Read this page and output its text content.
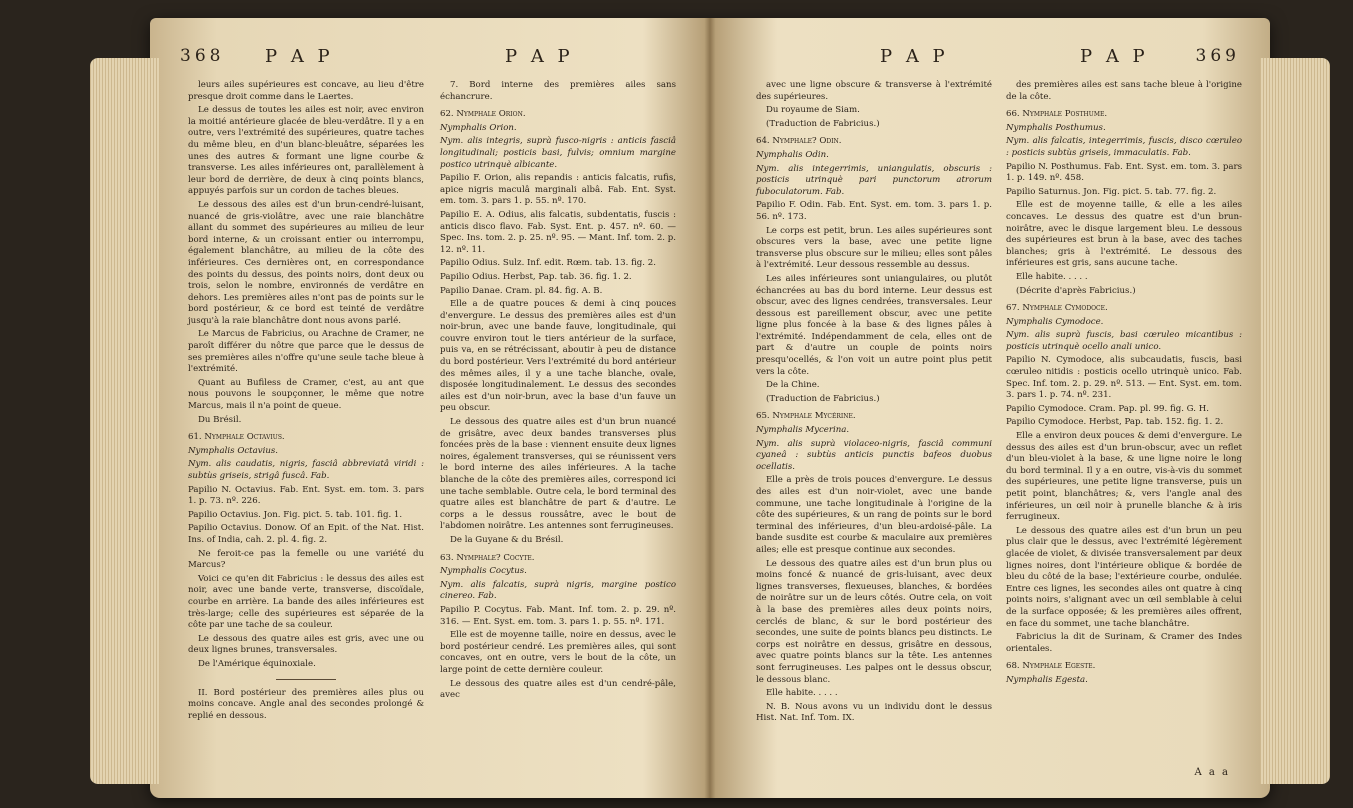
368 P A P	P A P

leurs ailes supérieures est concave, au lieu d'être presque droit comme dans le Laertes.

Le dessus de toutes les ailes est noir, avec environ la moitié antérieure glacée de bleu-verdâtre. Il y a en outre, vers l'extrémité des supérieures, quatre taches du même bleu, en d'un blanc-bleuâtre, séparées les unes des autres & formant une ligne courbe & transverse. Les ailes inférieures ont, parallèlement à leur bord de derrière, de deux à cinq points blancs, appuyés parfois sur un cordon de taches bleues.

Le dessous des ailes est d'un brun-cendré-luisant, nuancé de gris-violâtre, avec une raie blanchâtre allant du sommet des supérieures au milieu de leur bord interne, & un croissant entier ou interrompu, également blanchâtre, au milieu de la côte des inférieures. Ces dernières ont, en correspondance des points du dessus, des points noirs, dont deux ou trois, selon le nombre, environnés de verdâtre en dehors. Les premières ailes n'ont pas de points sur le bord postérieur, & ce bord est teinté de verdâtre jusqu'à la raie blanchâtre dont nous avons parlé.

Le Marcus de Fabricius, ou Arachne de Cramer, ne paroît différer du nôtre que parce que le dessus de ses premières ailes n'offre qu'une seule tache bleue à l'extrémité.

Quant au Bufiless de Cramer, c'est, au ant que nous pouvons le soupçonner, le même que notre Marcus, mais il n'a point de queue.

Du Brésil.

61. Nymphale Octavius.

Nymphalis Octavius.

Nym. alis caudatis, nigris, fasciâ abbreviatâ viridi : subtùs griseis, strigâ fuscâ. Fab.

Papilio N. Octavius. Fab. Ent. Syst. em. tom. 3. pars 1. p. 73. nº. 226.

Papilio Octavius. Jon. Fig. pict. 5. tab. 101. fig. 1.

Papilio Octavius. Donow. Of an Epit. of the Nat. Hist. Ins. of India, cah. 2. pl. 4. fig. 2.

Ne feroit-ce pas la femelle ou une variété du Marcus?

Voici ce qu'en dit Fabricius : le dessus des ailes est noir, avec une bande verte, transverse, discoïdale, courbe en arrière. La bande des ailes inférieures est très-large; celle des supérieures est séparée de la côte par une tache de sa couleur.

Le dessous des quatre ailes est gris, avec une ou deux lignes brunes, transversales.

De l'Amérique équinoxiale.

II. Bord postérieur des premières ailes plus ou moins concave. Angle anal des secondes prolongé & replié en dessous.

7. Bord interne des premières ailes sans échancrure.

62. Nymphale Orion.

Nymphalis Orion.

Nym. alis integris, suprà fusco-nigris : anticis fasciâ longitudinali; posticis basi, fulvis; omnium margine postico utrinquè albicante.

Papilio F. Orion, alis repandis : anticis falcatis, rufis, apice nigris maculâ marginali albâ. Fab. Ent. Syst. em. tom. 3. pars 1. p. 55. nº. 170.

Papilio E. A. Odius, alis falcatis, subdentatis, fuscis : anticis disco flavo. Fab. Syst. Ent. p. 457. nº. 60. — Spec. Ins. tom. 2. p. 25. nº. 95. — Mant. Inf. tom. 2. p. 12. nº. 11.

Papilio Odius. Sulz. Inf. edit. Rœm. tab. 13. fig. 2.

Papilio Odius. Herbst, Pap. tab. 36. fig. 1. 2.

Papilio Danae. Cram. pl. 84. fig. A. B.

Elle a de quatre pouces & demi à cinq pouces d'envergure. Le dessus des premières ailes est d'un noir-brun, avec une bande fauve, longitudinale, qui couvre environ tout le tiers antérieur de la surface, puis va, en se rétrécissant, aboutir à peu de distance du bord postérieur. Vers l'extrémité du bord antérieur des mêmes ailes, il y a une tache blanche, ovale, disposée longitudinalement. Le dessus des secondes ailes est d'un noir-brun, avec la base d'un fauve un peu obscur.

Le dessous des quatre ailes est d'un brun nuancé de grisâtre, avec deux bandes transverses plus foncées près de la base : viennent ensuite deux lignes noires, également transverses, qui se réunissent vers le bord interne des ailes inférieures. A la tache blanche de la côte des premières ailes, correspond ici une tache semblable. Outre cela, le bord terminal des quatre ailes est blanchâtre de part & d'autre. Le corps a le dessus roussâtre, avec le bout de l'abdomen noirâtre. Les antennes sont ferrugineuses.

De la Guyane & du Brésil.

63. Nymphale? Cocyte.

Nymphalis Cocytus.

Nym. alis falcatis, suprà nigris, margine postico cinereo. Fab.

Papilio P. Cocytus. Fab. Mant. Inf. tom. 2. p. 29. nº. 316. — Ent. Syst. em. tom. 3. pars 1. p. 55. nº. 171.

Elle est de moyenne taille, noire en dessus, avec le bord postérieur cendré. Les premières ailes, qui sont concaves, ont en outre, vers le bout de la côte, un large point de cette dernière couleur.

Le dessous des quatre ailes est d'un cendré-pâle, avec

P A P	P A P	369

avec une ligne obscure & transverse à l'extrémité des supérieures.

Du royaume de Siam.

(Traduction de Fabricius.)

64. Nymphale? Odin.

Nymphalis Odin.

Nym. alis integerrimis, uniangulatis, obscuris : posticis utrinquè pari punctorum atrorum fuboculatorum. Fab.

Papilio F. Odin. Fab. Ent. Syst. em. tom. 3. pars 1. p. 56. nº. 173.

Le corps est petit, brun. Les ailes supérieures sont obscures vers la base, avec une petite ligne transverse plus obscure sur le milieu; elles sont pâles à l'extrémité. Leur dessous ressemble au dessus.

Les ailes inférieures sont uniangulaires, ou plutôt échancrées au bas du bord interne. Leur dessus est obscur, avec des lignes cendrées, transversales. Leur dessous est pareillement obscur, avec une petite ligne plus foncée à la base & des lignes pâles à l'extrémité. Indépendamment de cela, elles ont de part & d'autre un couple de points noirs presqu'ocellés, & l'on voit un autre point plus petit vers la côte.

De la Chine.

(Traduction de Fabricius.)

65. Nymphale Mycérine.

Nymphalis Mycerina.

Nym. alis suprà violaceo-nigris, fasciâ communi cyaneâ : subtùs anticis punctis bafeos duobus ocellatis.

Elle a près de trois pouces d'envergure. Le dessus des ailes est d'un noir-violet, avec une bande commune, une tache longitudinale à l'origine de la côte des supérieures, & un rang de points sur le bord terminal des inférieures, d'un bleu-ardoisé-pâle. La bande susdite est courbe & maculaire aux premières ailes; elle est presque continue aux secondes.

Le dessous des quatre ailes est d'un brun plus ou moins foncé & nuancé de gris-luisant, avec deux lignes transverses, flexueuses, blanches, & bordées de noirâtre sur un de leurs côtés. Outre cela, on voit à la base des premières ailes deux points noirs, cerclés de blanc, & sur le bord postérieur des secondes, une suite de points blancs peu distincts. Le corps est noirâtre en dessus, grisâtre en dessous, avec quatre points blancs sur la tête. Les antennes sont ferrugineuses. Les palpes ont le dessus obscur, le dessous blanc.

Elle habite. . . . .

N. B. Nous avons vu un individu dont le dessus Hist. Nat. Inf. Tom. IX.

des premières ailes est sans tache bleue à l'origine de la côte.

66. Nymphale Posthume.

Nymphalis Posthumus.

Nym. alis falcatis, integerrimis, fuscis, disco cœruleo : posticis subtùs griseis, immaculatis. Fab.

Papilio N. Posthumus. Fab. Ent. Syst. em. tom. 3. pars 1. p. 149. nº. 458.

Papilio Saturnus. Jon. Fig. pict. 5. tab. 77. fig. 2.

Elle est de moyenne taille, & elle a les ailes concaves. Le dessus des quatre est d'un brun-noirâtre, avec le disque largement bleu. Le dessous des supérieures est brun à la base, avec des taches blanches; gris à l'extrémité. Le dessous des inférieures est gris, sans aucune tache.

Elle habite. . . . .

(Décrite d'après Fabricius.)

67. Nymphale Cymodoce.

Nymphalis Cymodoce.

Nym. alis suprà fuscis, basi cœruleo micantibus : posticis utrinquè ocello anali unico.

Papilio N. Cymodoce, alis subcaudatis, fuscis, basi cœruleo nitidis : posticis ocello utrinquè unico. Fab. Spec. Inf. tom. 2. p. 29. nº. 513. — Ent. Syst. em. tom. 3. pars 1. p. 74. nº. 231.

Papilio Cymodoce. Cram. Pap. pl. 99. fig. G. H.

Papilio Cymodoce. Herbst, Pap. tab. 152. fig. 1. 2.

Elle a environ deux pouces & demi d'envergure. Le dessus des ailes est d'un brun-obscur, avec un reflet d'un bleu-violet à la base, & une ligne noire le long du bord terminal. Il y a en outre, vis-à-vis du sommet des supérieures, une petite ligne transverse, puis un petit point, blanchâtres; &, vers l'angle anal des inférieures, un œil noir à prunelle blanche & à iris ferrugineux.

Le dessous des quatre ailes est d'un brun un peu plus clair que le dessus, avec l'extrémité légèrement glacée de violet, & divisée transversalement par deux lignes noires, dont l'intérieure oblique & bordée de bleu du côté de la base; l'extérieure courbe, ondulée. Entre ces lignes, les secondes ailes ont quatre à cinq points noirs, s'alignant avec un œil semblable à celui de la surface opposée; & les premières ailes offrent, en face du sommet, une tache blanchâtre.

Fabricius la dit de Surinam, & Cramer des Indes orientales.

68. Nymphale Egeste.

Nymphalis Egesta.

A a a
